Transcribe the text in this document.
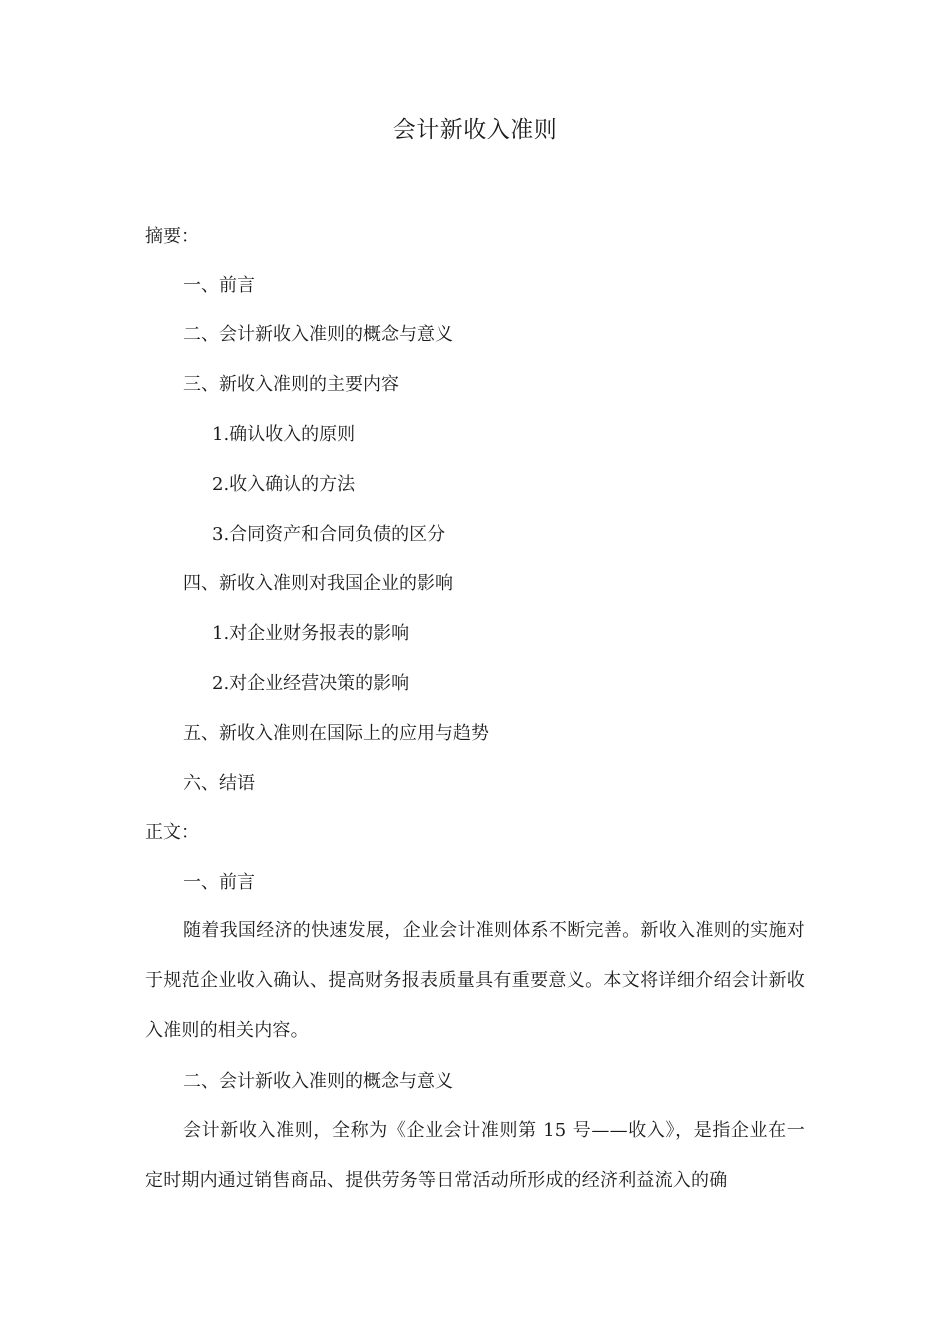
会计新收入准则
摘要：
一、前言
二、会计新收入准则的概念与意义
三、新收入准则的主要内容
1.确认收入的原则
2.收入确认的方法
3.合同资产和合同负债的区分
四、新收入准则对我国企业的影响
1.对企业财务报表的影响
2.对企业经营决策的影响
五、新收入准则在国际上的应用与趋势
六、结语
正文：
一、前言
随着我国经济的快速发展，企业会计准则体系不断完善。新收入准则的实施对于规范企业收入确认、提高财务报表质量具有重要意义。本文将详细介绍会计新收入准则的相关内容。
二、会计新收入准则的概念与意义
会计新收入准则，全称为《企业会计准则第 15 号——收入》，是指企业在一定时期内通过销售商品、提供劳务等日常活动所形成的经济利益流入的确
